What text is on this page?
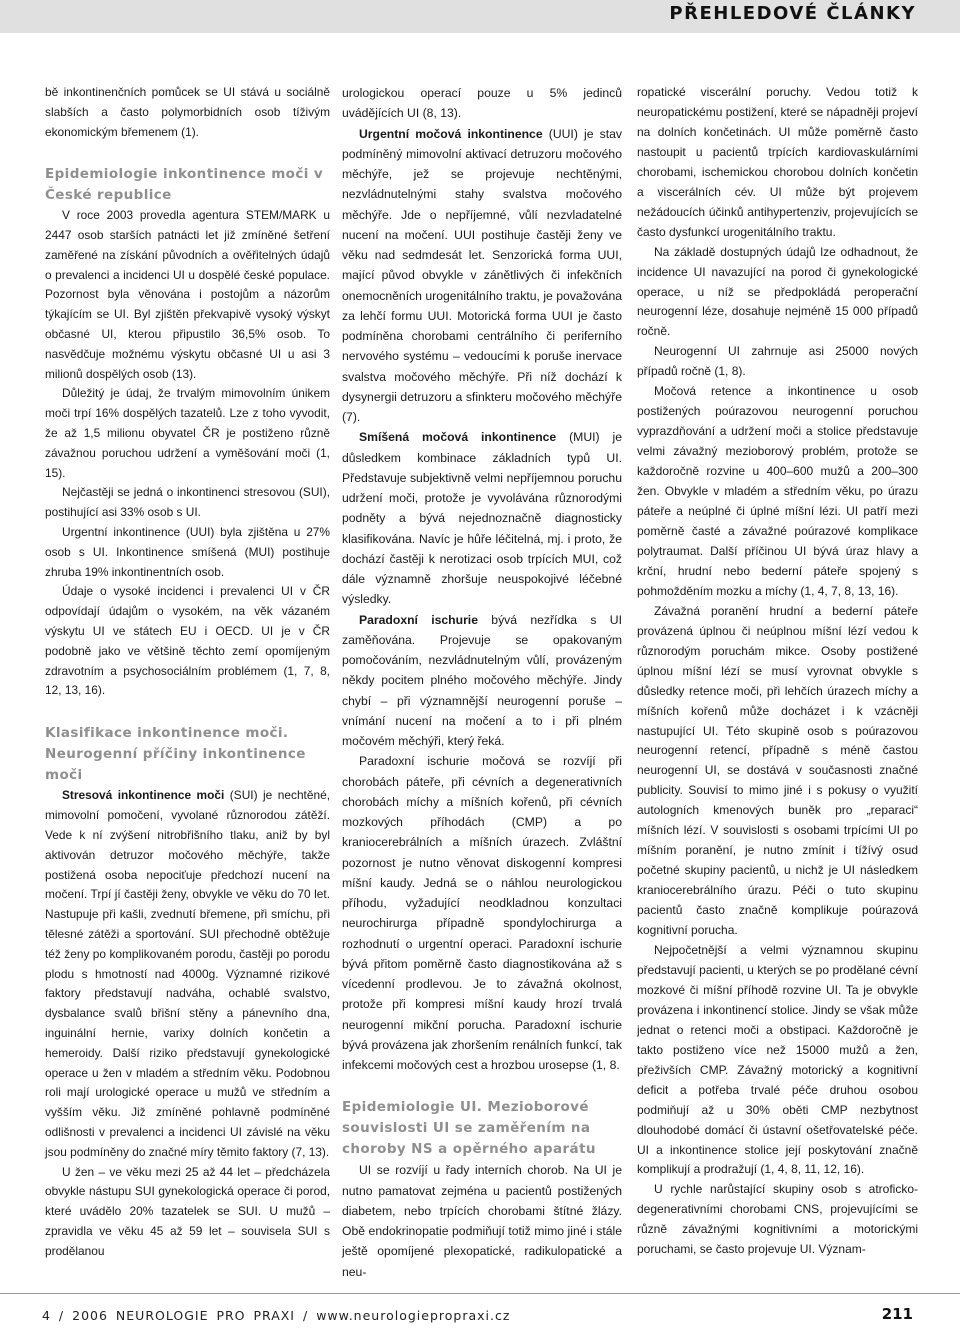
PŘEHLEDOVÉ ČLÁNKY

bě inkontinenčních pomůcek se UI stává u sociálně slabších a často polymorbidních osob tíživým ekonomickým břemenem (1).

Epidemiologie inkontinence moči v České republice

V roce 2003 provedla agentura STEM/MARK u 2447 osob starších patnácti let již zmíněné šetření zaměřené na získání původních a ověřitelných údajů o prevalenci a incidenci UI u dospělé české populace. Pozornost byla věnována i postojům a názorům týkajícím se UI. Byl zjištěn překvapivě vysoký výskyt občasné UI, kterou připustilo 36,5% osob. To nasvědčuje možnému výskytu občasné UI u asi 3 milionů dospělých osob (13).

Důležitý je údaj, že trvalým mimovolním únikem moči trpí 16% dospělých tazatelů. Lze z toho vyvodit, že až 1,5 milionu obyvatel ČR je postiženo různě závažnou poruchou udržení a vyměšování moči (1, 15).

Nejčastěji se jedná o inkontinenci stresovou (SUI), postihující asi 33% osob s UI.

Urgentní inkontinence (UUI) byla zjištěna u 27% osob s UI. Inkontinence smíšená (MUI) postihuje zhruba 19% inkontinentních osob.

Údaje o vysoké incidenci i prevalenci UI v ČR odpovídají údajům o vysokém, na věk vázaném výskytu UI ve státech EU i OECD. UI je v ČR podobně jako ve většině těchto zemí opomíjeným zdravotním a psychosociálním problémem (1, 7, 8, 12, 13, 16).

Klasifikace inkontinence moči. Neurogenní příčiny inkontinence moči

Stresová inkontinence moči (SUI) je nechtěné, mimovolní pomočení, vyvolané různorodou zátěží. Vede k ní zvýšení nitrobřišního tlaku, aniž by byl aktivován detruzor močového měchýře, takže postižená osoba nepociťuje předchozí nucení na močení. Trpí jí častěji ženy, obvykle ve věku do 70 let. Nastupuje při kašli, zvednutí břemene, při smíchu, při tělesné zátěži a sportování. SUI přechodně obtěžuje též ženy po komplikovaném porodu, častěji po porodu plodu s hmotností nad 4000g. Významné rizikové faktory představují nadváha, ochablé svalstvo, dysbalance svalů břišní stěny a pánevního dna, inguinální hernie, varixy dolních končetin a hemeroidy. Další riziko představují gynekologické operace u žen v mladém a středním věku. Podobnou roli mají urologické operace u mužů ve středním a vyšším věku. Již zmíněné pohlavně podmíněné odlišnosti v prevalenci a incidenci UI závislé na věku jsou podmíněny do značné míry těmito faktory (7, 13).

U žen – ve věku mezi 25 až 44 let – předcházela obvykle nástupu SUI gynekologická operace či porod, které uvádělo 20% tazatelek se SUI. U mužů – zpravidla ve věku 45 až 59 let – souvisela SUI s prodělanou

urologickou operací pouze u 5% jedinců uvádějících UI (8, 13).

Urgentní močová inkontinence (UUI) je stav podmíněný mimovolní aktivací detruzoru močového měchýře, jež se projevuje nechtěnými, nezvládnutelnými stahy svalstva močového měchýře. Jde o nepříjemné, vůlí nezvladatelné nucení na močení. UUI postihuje častěji ženy ve věku nad sedmdesát let. Senzorická forma UUI, mající původ obvykle v zánětlivých či infekčních onemocněních urogenitálního traktu, je považována za lehčí formu UUI. Motorická forma UUI je často podmíněna chorobami centrálního či periferního nervového systému – vedoucími k poruše inervace svalstva močového měchýře. Při níž dochází k dysynergii detruzoru a sfinkteru močového měchýře (7).

Smíšená močová inkontinence (MUI) je důsledkem kombinace základních typů UI. Představuje subjektivně velmi nepříjemnou poruchu udržení moči, protože je vyvolávána různorodými podněty a bývá nejednoznačně diagnosticky klasifikována. Navíc je hůře léčitelná, mj. i proto, že dochází častěji k nerotizaci osob trpících MUI, což dále významně zhoršuje neuspokojivé léčebné výsledky.

Paradoxní ischurie bývá nezřídka s UI zaměňována. Projevuje se opakovaným pomočováním, nezvládnutelným vůlí, provázeným někdy pocitem plného močového měchýře. Jindy chybí – při významnější neurogenní poruše – vnímání nucení na močení a to i při plném močovém měchýři, který řeká.

Paradoxní ischurie močová se rozvíjí při chorobách páteře, při cévních a degenerativních chorobách míchy a míšních kořenů, při cévních mozkových příhodách (CMP) a po kraniocerebrálních a míšních úrazech. Zvláštní pozornost je nutno věnovat diskogenní kompresi míšní kaudy. Jedná se o náhlou neurologickou příhodu, vyžadující neodkladnou konzultaci neurochirurga případně spondylochirurga a rozhodnutí o urgentní operaci. Paradoxní ischurie bývá přitom poměrně často diagnostikována až s vícedenní prodlevou. Je to závažná okolnost, protože při kompresi míšní kaudy hrozí trvalá neurogenní mikční porucha. Paradoxní ischurie bývá provázena jak zhoršením renálních funkcí, tak infekcemi močových cest a hrozbou urosepse (1, 8.

Epidemiologie UI. Mezioborové souvislosti UI se zaměřením na choroby NS a opěrného aparátu

UI se rozvíjí u řady interních chorob. Na UI je nutno pamatovat zejména u pacientů postižených diabetem, nebo trpících chorobami štítné žlázy. Obě endokrinopatie podmiňují totiž mimo jiné i stále ještě opomíjené plexopatické, radikulopatické a neu-

ropatické viscerální poruchy. Vedou totiž k neuropatickému postižení, které se nápadněji projeví na dolních končetinách. UI může poměrně často nastoupit u pacientů trpících kardiovaskulárními chorobami, ischemickou chorobou dolních končetin a viscerálních cév. UI může být projevem nežádoucích účinků antihypertenziv, projevujících se často dysfunkcí urogenitálního traktu.

Na základě dostupných údajů lze odhadnout, že incidence UI navazující na porod či gynekologické operace, u níž se předpokládá peroperační neurogenní léze, dosahuje nejméně 15 000 případů ročně.

Neurogenní UI zahrnuje asi 25000 nových případů ročně (1, 8).

Močová retence a inkontinence u osob postižených poúrazovou neurogenní poruchou vyprazdňování a udržení moči a stolice představuje velmi závažný mezioborový problém, protože se každoročně rozvine u 400–600 mužů a 200–300 žen. Obvykle v mladém a středním věku, po úrazu páteře a neúplné či úplné míšní lézi. UI patří mezi poměrně časté a závažné poúrazové komplikace polytraumat. Další příčinou UI bývá úraz hlavy a krční, hrudní nebo bederní páteře spojený s pohmožděním mozku a míchy (1, 4, 7, 8, 13, 16).

Závažná poranění hrudní a bederní páteře provázená úplnou či neúplnou míšní lézí vedou k různorodým poruchám mikce. Osoby postižené úplnou míšní lézí se musí vyrovnat obvykle s důsledky retence moči, při lehčích úrazech míchy a míšních kořenů může docházet i k vzácněji nastupující UI. Této skupině osob s poúrazovou neurogenní retencí, případně s méně častou neurogenní UI, se dostává v současnosti značné publicity. Souvisí to mimo jiné i s pokusy o využití autologních kmenových buněk pro „reparaci“ míšních lézí. V souvislosti s osobami trpícími UI po míšním poranění, je nutno zmínit i tížívý osud početné skupiny pacientů, u nichž je UI následkem kraniocerebrálního úrazu. Péči o tuto skupinu pacientů často značně komplikuje poúrazová kognitivní porucha.

Nejpočetnější a velmi významnou skupinu představují pacienti, u kterých se po prodělané cévní mozkové či míšní příhodě rozvine UI. Ta je obvykle provázena i inkontinencí stolice. Jindy se však může jednat o retenci moči a obstipaci. Každoročně je takto postiženo více než 15000 mužů a žen, přeživších CMP. Závažný motorický a kognitivní deficit a potřeba trvalé péče druhou osobou podmiňují až u 30% oběti CMP nezbytnost dlouhodobé domácí či ústavní ošetřovatelské péče. UI a inkontinence stolice její poskytování značně komplikují a prodražují (1, 4, 8, 11, 12, 16).

U rychle narůstající skupiny osob s atroficko-degenerativními chorobami CNS, projevujícími se různě závažnými kognitivními a motorickými poruchami, se často projevuje UI. Význam-

4 / 2006 NEUROLOGIE PRO PRAXI / www.neurologiepropraxi.cz	211
